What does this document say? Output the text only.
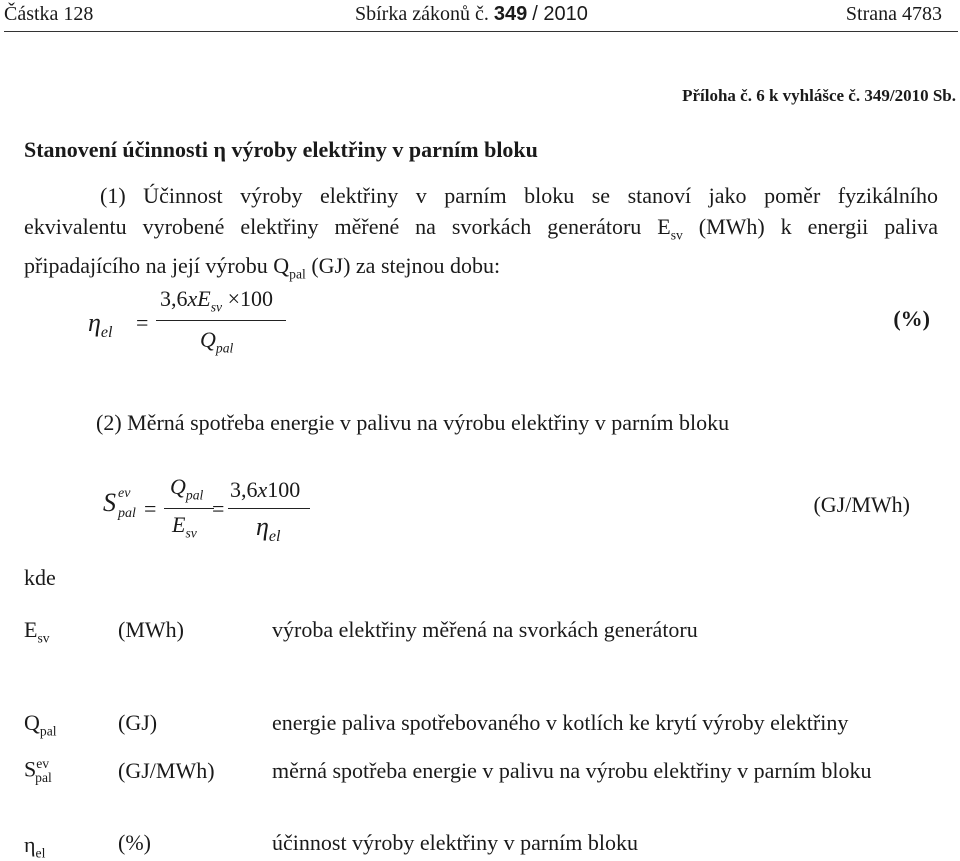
Částka 128	Sbírka zákonů č. 349 / 2010	Strana 4783
Příloha č. 6 k vyhlášce č. 349/2010 Sb.
Stanovení účinnosti η výroby elektřiny v parním bloku
(1) Účinnost výroby elektřiny v parním bloku se stanoví jako poměr fyzikálního
ekvivalentu vyrobené elektřiny měřené na svorkách generátoru $E_{sv}$ (MWh) k energii paliva
připadajícího na její výrobu $Q_{pal}$ (GJ) za stejnou dobu:
$\eta_{el}$ =
$3,6xE_{sv} \times 100$
$Q_{pal}$
(%)
(2) Měrná spotřeba energie v palivu na výrobu elektřiny v parním bloku
S ev
pal =
$Q_{pal}$
$E_{sv}$
=
3,6x100
$\eta_{el}$
(GJ/MWh)
kde
$E_{sv}$	(MWh)	výroba elektřiny měřená na svorkách generátoru
$Q_{pal}$	(GJ)	energie paliva spotřebovaného v kotlích ke krytí výroby elektřiny
$S^{ev}_{pal}$	(GJ/MWh)	měrná spotřeba energie v palivu na výrobu elektřiny v parním bloku
$\eta_{el}$	(%)	účinnost výroby elektřiny v parním bloku
